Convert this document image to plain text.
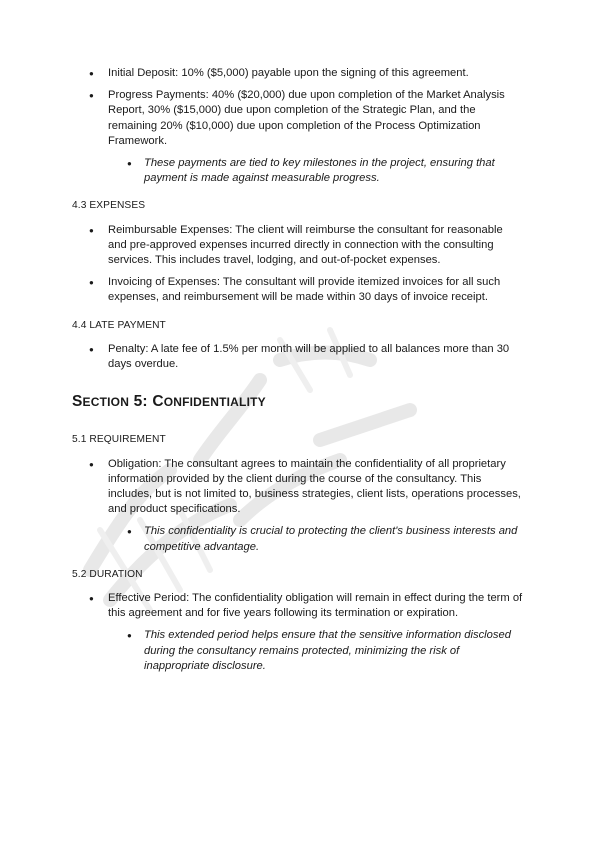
● Initial Deposit: 10% ($5,000) payable upon the signing of this agreement.
● Progress Payments: 40% ($20,000) due upon completion of the Market Analysis Report, 30% ($15,000) due upon completion of the Strategic Plan, and the remaining 20% ($10,000) due upon completion of the Process Optimization Framework.
● These payments are tied to key milestones in the project, ensuring that payment is made against measurable progress.
4.3 EXPENSES
● Reimbursable Expenses: The client will reimburse the consultant for reasonable and pre-approved expenses incurred directly in connection with the consulting services. This includes travel, lodging, and out-of-pocket expenses.
● Invoicing of Expenses: The consultant will provide itemized invoices for all such expenses, and reimbursement will be made within 30 days of invoice receipt.
4.4 LATE PAYMENT
● Penalty: A late fee of 1.5% per month will be applied to all balances more than 30 days overdue.
SECTION 5: CONFIDENTIALITY
5.1 REQUIREMENT
● Obligation: The consultant agrees to maintain the confidentiality of all proprietary information provided by the client during the course of the consultancy. This includes, but is not limited to, business strategies, client lists, operations processes, and product specifications.
● This confidentiality is crucial to protecting the client's business interests and competitive advantage.
5.2 DURATION
● Effective Period: The confidentiality obligation will remain in effect during the term of this agreement and for five years following its termination or expiration.
● This extended period helps ensure that the sensitive information disclosed during the consultancy remains protected, minimizing the risk of inappropriate disclosure.
